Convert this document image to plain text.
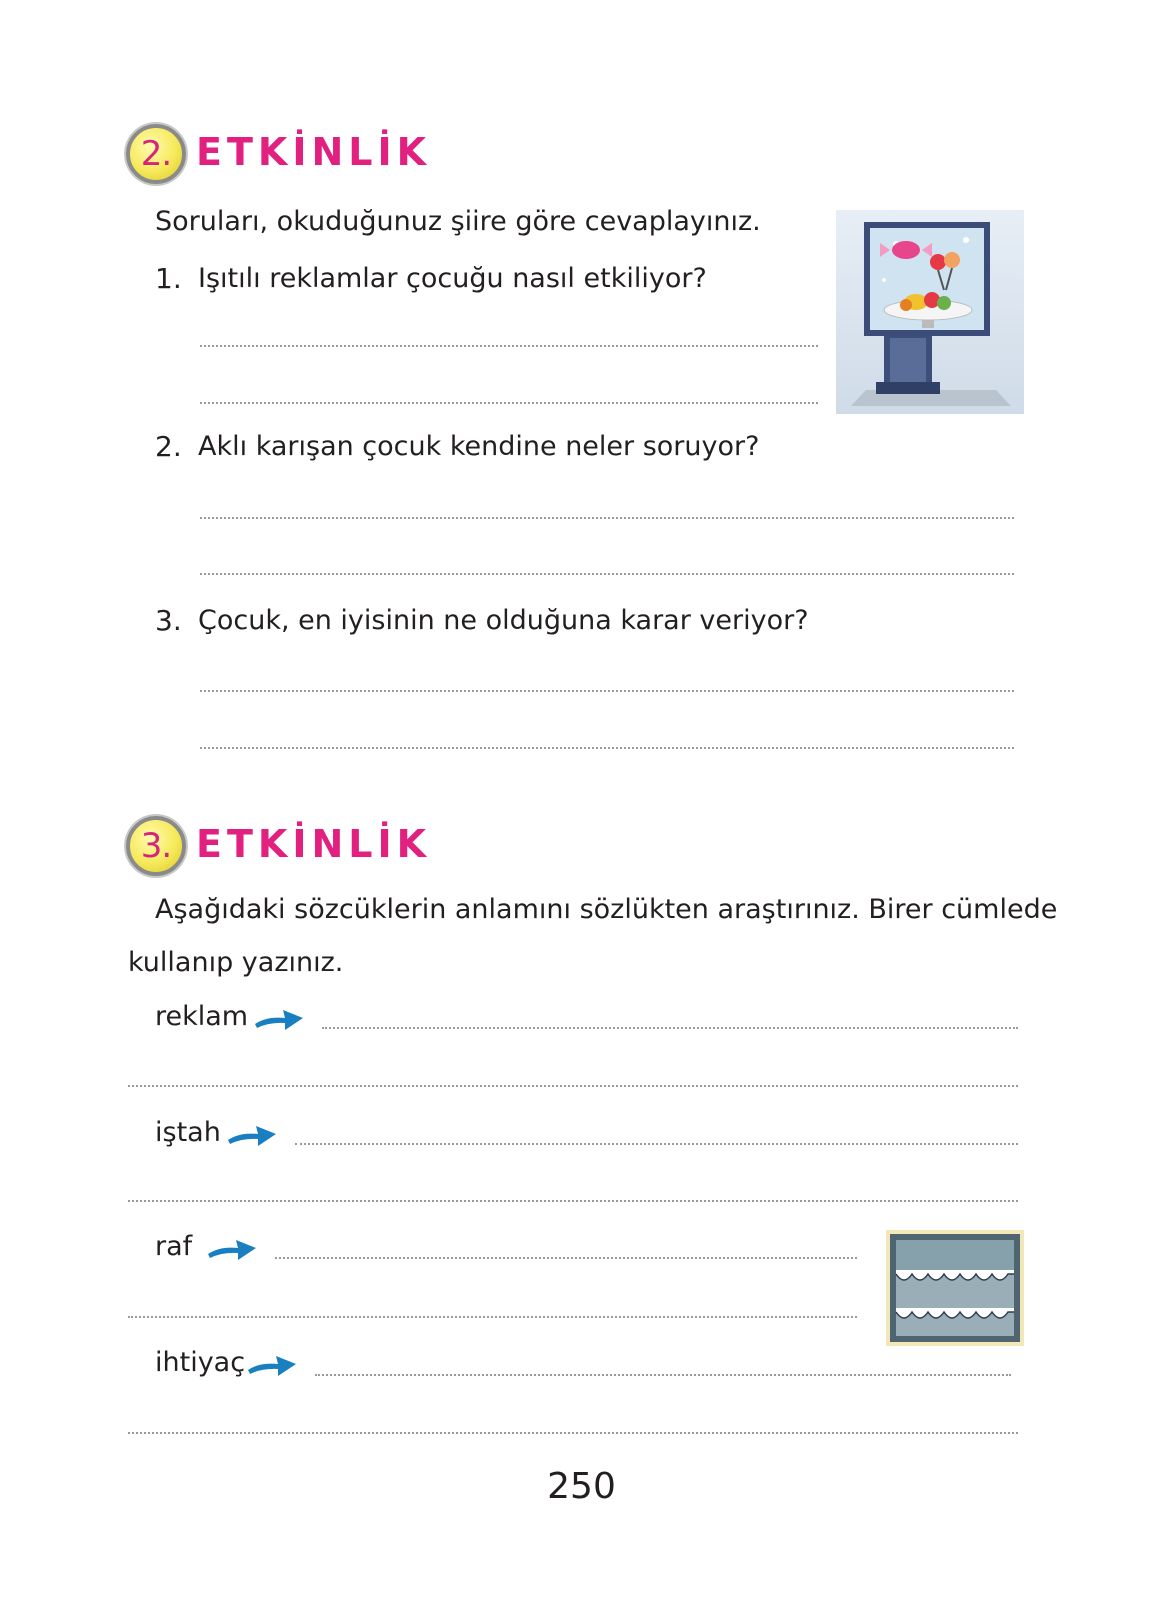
2. ETKİNLİK
Soruları, okuduğunuz şiire göre cevaplayınız.
1. Işıtılı reklamlar çocuğu nasıl etkiliyor?
2. Aklı karışan çocuk kendine neler soruyor?
3. Çocuk, en iyisinin ne olduğuna karar veriyor?
3. ETKİNLİK
Aşağıdaki sözcüklerin anlamını sözlükten araştırınız. Birer cümlede
kullanıp yazınız.
reklam
iştah
raf
ihtiyaç
250
